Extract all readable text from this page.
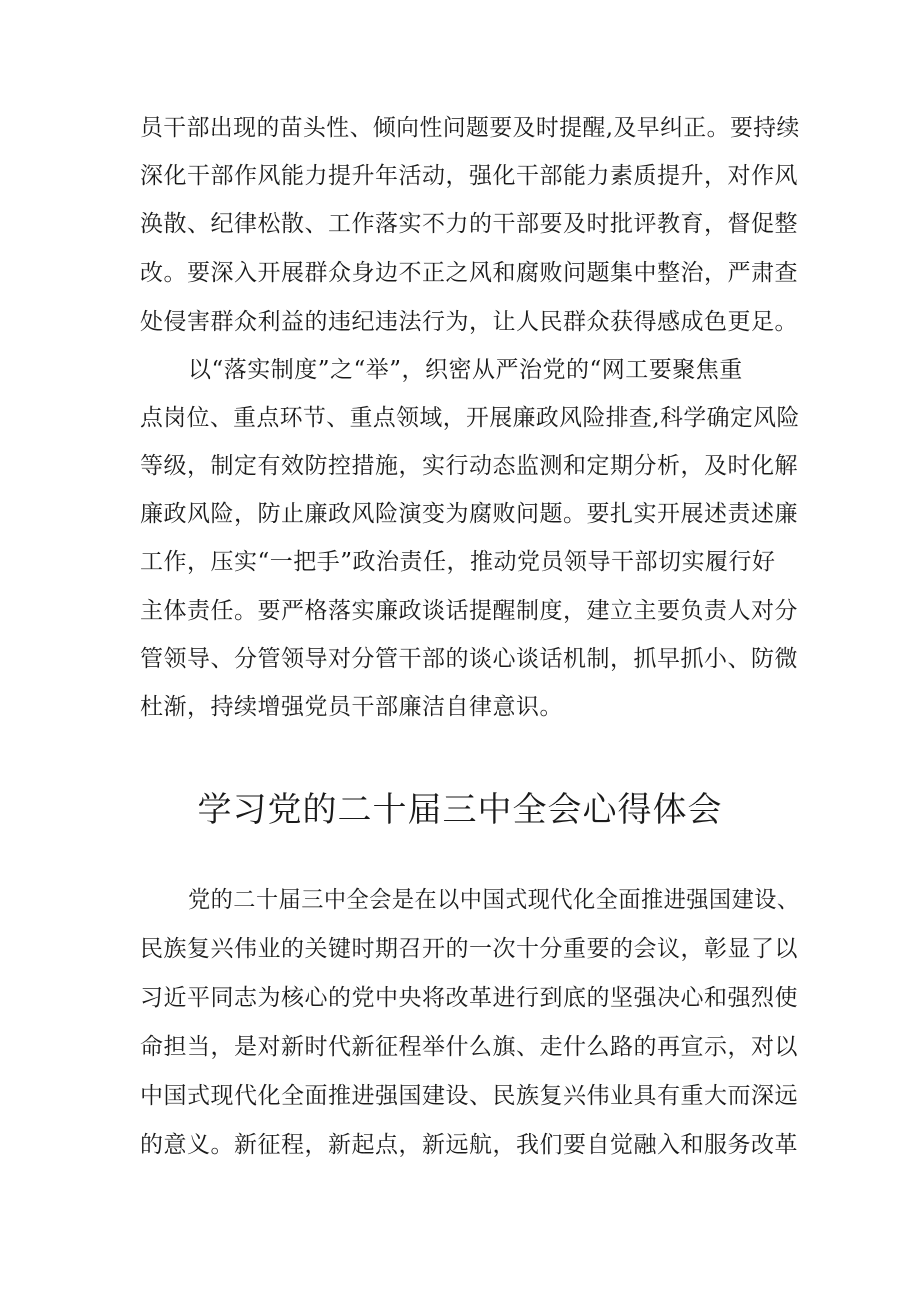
员干部出现的苗头性、倾向性问题要及时提醒,及早纠正。要持续
深化干部作风能力提升年活动，强化干部能力素质提升，对作风
涣散、纪律松散、工作落实不力的干部要及时批评教育，督促整
改。要深入开展群众身边不正之风和腐败问题集中整治，严肃查
处侵害群众利益的违纪违法行为，让人民群众获得感成色更足。
以“落实制度”之“举”，织密从严治党的“网工要聚焦重
点岗位、重点环节、重点领域，开展廉政风险排查,科学确定风险
等级，制定有效防控措施，实行动态监测和定期分析，及时化解
廉政风险，防止廉政风险演变为腐败问题。要扎实开展述责述廉
工作，压实“一把手”政治责任，推动党员领导干部切实履行好
主体责任。要严格落实廉政谈话提醒制度，建立主要负责人对分
管领导、分管领导对分管干部的谈心谈话机制，抓早抓小、防微
杜渐，持续增强党员干部廉洁自律意识。
学习党的二十届三中全会心得体会
党的二十届三中全会是在以中国式现代化全面推进强国建设、
民族复兴伟业的关键时期召开的一次十分重要的会议，彰显了以
习近平同志为核心的党中央将改革进行到底的坚强决心和强烈使
命担当，是对新时代新征程举什么旗、走什么路的再宣示，对以
中国式现代化全面推进强国建设、民族复兴伟业具有重大而深远
的意义。新征程，新起点，新远航，我们要自觉融入和服务改革
